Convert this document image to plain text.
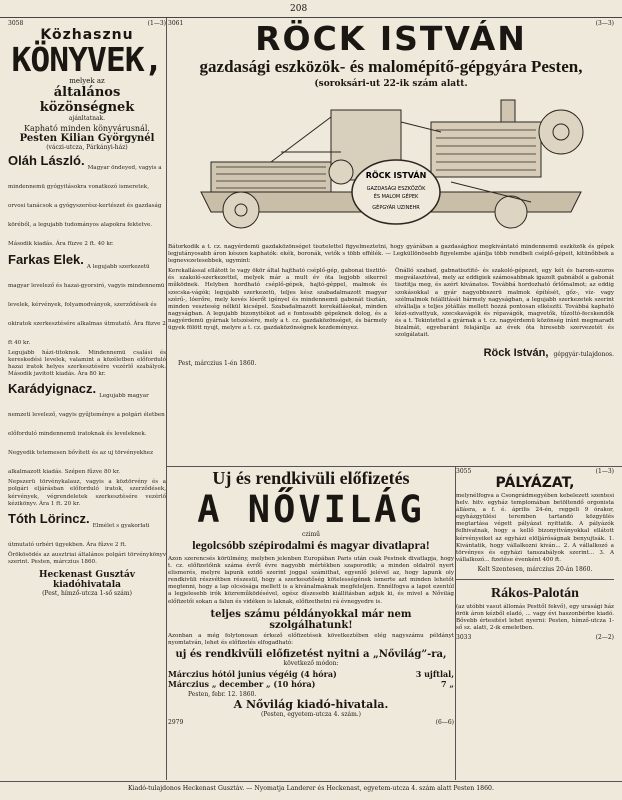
208
3058	(1—3)
Közhasznu
KÖNYVEK,
melyek az
általános közönségnek
ajánltatnak.
Kapható minden könyvárusnál.
Pesten Kilian Györgynél
(váczi-utcza, Párkányi-ház)
Oláh László. Magyar öndeyed, vagyis a mindennemü gyógyitásokra vonatkozó ismeretek, orvosi tanácsok a gyógyszerész-kertészet és gazdaság köréből, a legujabb tudományos alapokra fektetve. Második kiadás. Ára füzve 2 ft. 40 kr.
Farkas Elek. A legujabb szerkezetü magyar levelező és hazai-gyorsiró, vagyis mindennemü levelek, kérvények, folyamodványok, szerződések és okiratok szerkesztésére alkalmas útmutató. Ára füzve 2 ft 40 kr.
Legujabb házi-titoknok. Mindennemü csalási és kereskedési levelek, valamint a közéletben előforduló hazai iratok helyes szerkesztésére vezérlő szabályok. Második javitott kiadás. Ára 80 kr.
Karádyignacz. Legujabb magyar nemzeti levelező, vagyis gyűjteménye a polgári életben előforduló mindennemü iratoknak és leveleknek. Negyedik tetemesen bővített és az uj törvényekhez alkalmazott kiadás. Szépen fűzve 80 kr.
Nepszerü törvénykalauz, vagyis a köztörvény és a polgári eljárásban előforduló iratok, szerződések, kérvények, végrendeletek szerkesztésére vezérlő kézikönyv. Ára 1 ft. 20 kr.
Tóth Lörincz. Elmélet s gyakorlati útmutató urbéri ügyekben. Ára fűzve 2 ft.
Örökösödés az ausztriai általános polgári törvénykönyv szerint. Pesten, márczius 1860.
Heckenast Gusztáv kiadóhivatala
(Pest, hímző-utcza 1-ső szám)
3061	(3—3)
RÖCK ISTVÁN
gazdasági eszközök- és malomépítő-gépgyára Pesten,
(soroksári-ut 22-ik szám alatt.
RÖCK ISTVÁN
GAZDASÁGI ESZKÖZÖK
ÉS MALOM GÉPEK
GÉPGYÁR UZINEHR
Bátorkodik a t. cz. nagyérdemü gazdaközönséget tisztelettel figyelmeztetni, hogy gyárában a gazdasághoz megkivántató mindennemü eszközök és gépek legjutányosabb áron készen kaphatók: ekék, boronák, vetők s több effélék. — Legküllönösebb figyelembe ajánlja több rendbeli cséplő-gépeit, kitünőbbek a legnevezetesebbek, ugymint:
Kerekallással ellátott le vagy ökör által hajtható cséplő-gép, gabonai tisztitó- és szakoló-szerkezettel, melyek már a mult év óta legjobb sikerrel működnek. Helyben hordható cséplő-gépek, hajtó-géppel, malmok és szecska-vágók; legujabb szerkezetü, teljes kész szabadalmazott magyar szérű-, lóerőre, mely kevés lóerőt igényel és mindennemü gabonát tisztán, minden veszteség nélkül kicsépel. Szabadalmazott kerekállásokat, minden nagyságban. A legujabb bizonyitékot ad e fontosabb gépeknek dolog, és a nagyérdemü gyárnak tetszésére, mely a t. cz. gazdaközönséget, és bármely ügyek fölött nyujt, melyre a t. cz. gazdaközönségnek kezdeményez.
Önálló szabad, gabnatisztitó- és szakoló-gépezet, egy két és harom-szoros megválasztóval, mely az eddigiek számosabbnak igazolt gabnából a gabonát tisztitja meg, és azért kivánatos. Továbbá hordozható őrlőmalmot; az eddig szokásokkal a gyár nagyobbszerü malmok építését, gőz-, víz- vagy szélmalmok felállitását bármely nagyságban, a legujabb szerkezetek szerint elvállalja s teljes jótállás mellett hozzá pontosan elkésziti. Továbbá kapható kézi-szivattyuk, szecskavágók és répavágók, magvetők, tűzoltó-fecskendők és a t. Tekintettel a gyárnak a t. cz. nagyérdemü közönség iránt megmaradt bizalmát, egyebaránt felajánlja az évek óta hiresebb szervezetét és szolgálatait.
Röck István, gépgyár-tulajdonos.
Pest, márczius 1-én 1860.
Uj és rendkivüli előfizetés
A NŐVILÁG
czimű
legolcsóbb szépirodalmi és magyar divatlapra!
Azon szerencsés körülmény, melyben jelenben Europában Paris után csak Pestnek divatlapja, hogy t. cz. előfizetőink száma évről évre nagyobb mértékben szaporodik; a minden oldalról nyert elismerés, melyre lapunk ezidő szerint joggal számithat, egyenlő jelével az, hogy lapunk oly rendkivüli részvétben részesül, hogy a szerkesztőség kötelességének ismerte azt minden lehetőt megtenni, hogy a lap olcsósága mellett is a kivánalmaknak megfeleljen. Ennélfogva a lapot ezentúl a legjelesebb irók közreműködésével, egész díszesebb kiállitásban adjuk ki, és mivel a Nővilág előfizetői sokan a falun és vidéken is laknak, előfizethetni rá évnegyedre is.
teljes számu példányokkal már nem szolgálhatunk!
Azonban a még folytonosan érkező előfizetések következtében elég nagyszámu példányt nyomtatván, lehet és előfizetés elfogadható:
uj és rendkivüli előfizetést nyitni a „Nővilág”-ra,
következő módon:
Márczius hótól junius végéig (4 hóra)	3 ujftlal,
Márczius „ december „ (10 hóra)	7 „
Pesten, febr. 12. 1860.
A Nővilág kiadó-hivatala.
(Pesten, egyetem-utcza 4. szám.)
2979	(6—6)
3055	(1—3)
PÁLYÁZAT,
melynélfogva a Csongrádmegyében kebelezett szentesi helv. hitv. egyház templomában betöltendő orgonista állásra, a f. é. április 24-én, reggeli 9 órakor, egyházgyülési teremben tartandó közgyülés megtartása végett pályázat nyittatik. A pályázók felhivatnak, hogy a kellő bizonyitványokkal ellátott kérvényeiket az egyházi elöljáróságnak benyujtsák. 1. Kivántatik, hogy vállalkozni kiván... 2. A vállalkozó a törvényes és egyházi tanszabályok szerint... 3. A vállalkozó... fizetése évenként 400 ft.
Kelt Szentesen, márczius 20-án 1860.
Rákos-Palotán
(az utóbbi vasut állomás Pesttől fekvő), egy urasági ház örök áron kézből eladó, ... vagy évi haszonbérbe kiadó. Bővebb értesitést lehet nyerni: Pesten, hímző-utcza 1-ső sz. alatt, 2-ik emeletben.
3033	(2—2)
Kiadó-tulajdonos Heckenast Gusztáv. — Nyomatja Landerer és Heckenast, egyetem-utcza 4. szám alatt Pesten 1860.
